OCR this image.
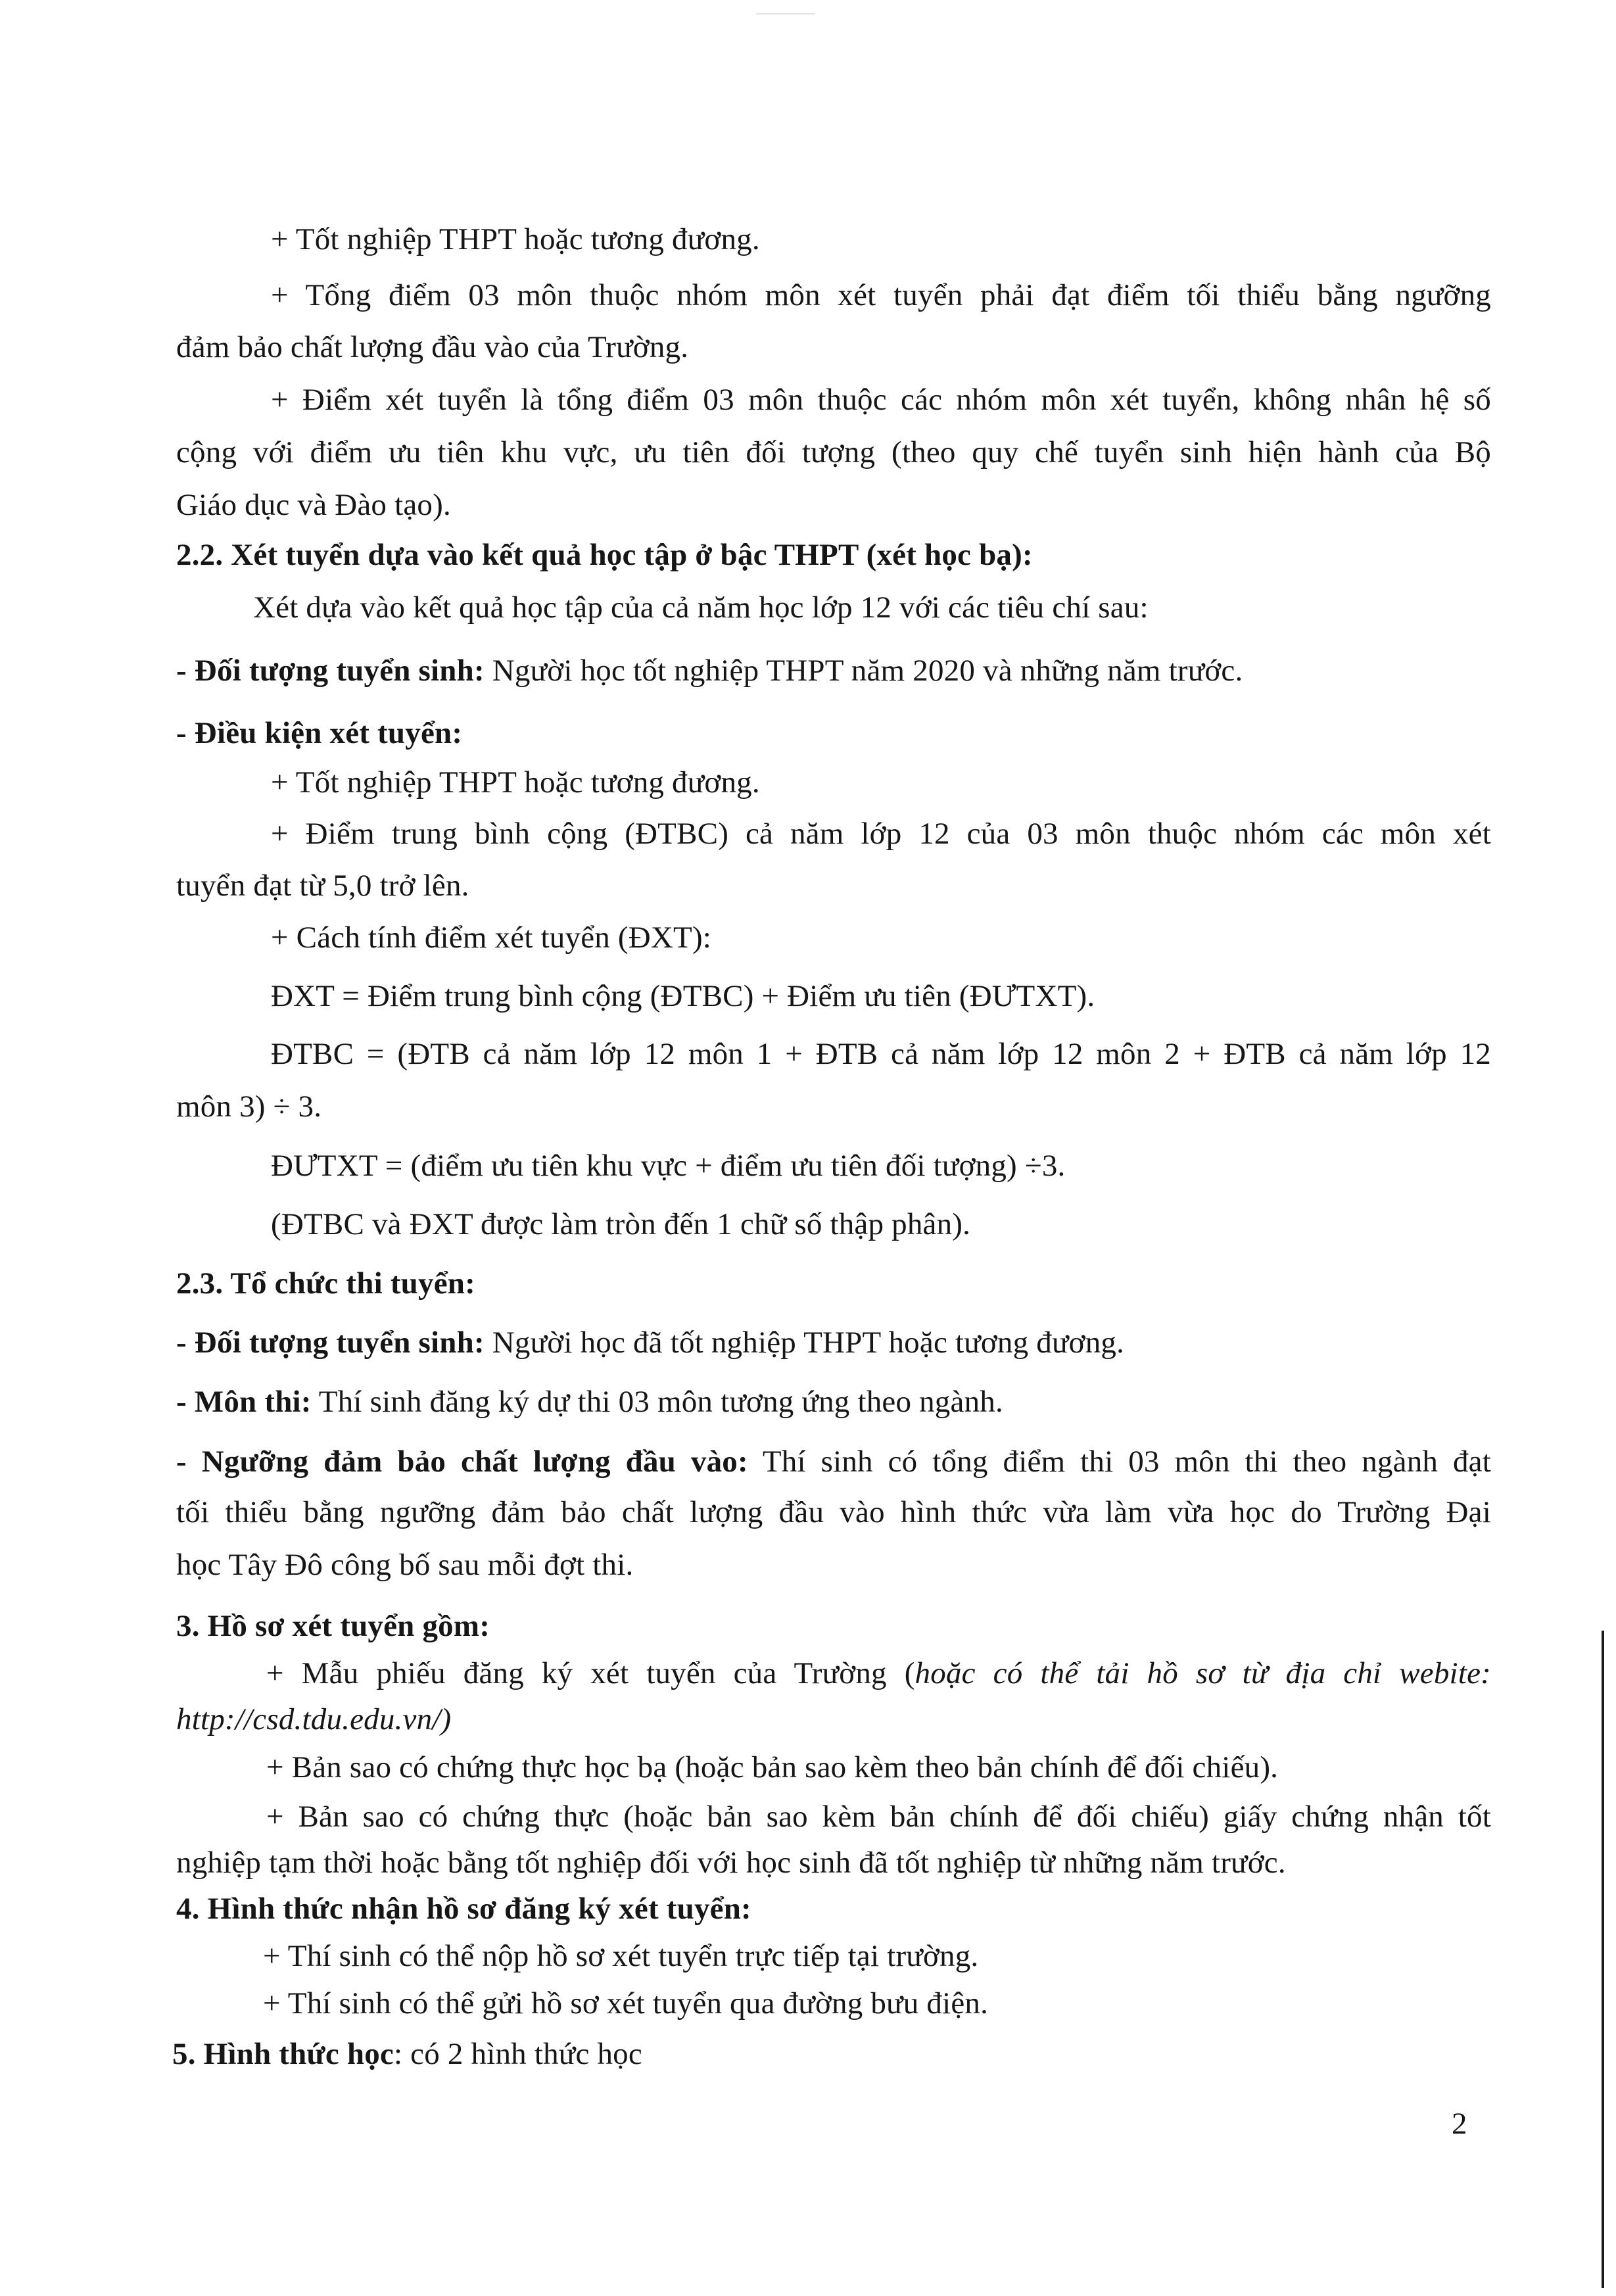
+ Tốt nghiệp THPT hoặc tương đương.
+ Tổng điểm 03 môn thuộc nhóm môn xét tuyển phải đạt điểm tối thiểu bằng ngưỡng
đảm bảo chất lượng đầu vào của Trường.
+ Điểm xét tuyển là tổng điểm 03 môn thuộc các nhóm môn xét tuyển, không nhân hệ số
cộng với điểm ưu tiên khu vực, ưu tiên đối tượng (theo quy chế tuyển sinh hiện hành của Bộ
Giáo dục và Đào tạo).
2.2. Xét tuyển dựa vào kết quả học tập ở bậc THPT (xét học bạ):
Xét dựa vào kết quả học tập của cả năm học lớp 12 với các tiêu chí sau:
- Đối tượng tuyển sinh: Người học tốt nghiệp THPT năm 2020 và những năm trước.
- Điều kiện xét tuyển:
+ Tốt nghiệp THPT hoặc tương đương.
+ Điểm trung bình cộng (ĐTBC) cả năm lớp 12 của 03 môn thuộc nhóm các môn xét
tuyển đạt từ 5,0 trở lên.
+ Cách tính điểm xét tuyển (ĐXT):
ĐXT = Điểm trung bình cộng (ĐTBC) + Điểm ưu tiên (ĐƯTXT).
ĐTBC = (ĐTB cả năm lớp 12 môn 1 + ĐTB cả năm lớp 12 môn 2 + ĐTB cả năm lớp 12
môn 3) ÷ 3.
ĐƯTXT = (điểm ưu tiên khu vực + điểm ưu tiên đối tượng) ÷3.
(ĐTBC và ĐXT được làm tròn đến 1 chữ số thập phân).
2.3. Tổ chức thi tuyển:
- Đối tượng tuyển sinh: Người học đã tốt nghiệp THPT hoặc tương đương.
- Môn thi: Thí sinh đăng ký dự thi 03 môn tương ứng theo ngành.
- Ngưỡng đảm bảo chất lượng đầu vào: Thí sinh có tổng điểm thi 03 môn thi theo ngành đạt
tối thiểu bằng ngưỡng đảm bảo chất lượng đầu vào hình thức vừa làm vừa học do Trường Đại
học Tây Đô công bố sau mỗi đợt thi.
3. Hồ sơ xét tuyển gồm:
+ Mẫu phiếu đăng ký xét tuyển của Trường (hoặc có thể tải hồ sơ từ địa chỉ webite:
http://csd.tdu.edu.vn/)
+ Bản sao có chứng thực học bạ (hoặc bản sao kèm theo bản chính để đối chiếu).
+ Bản sao có chứng thực (hoặc bản sao kèm bản chính để đối chiếu) giấy chứng nhận tốt
nghiệp tạm thời hoặc bằng tốt nghiệp đối với học sinh đã tốt nghiệp từ những năm trước.
4. Hình thức nhận hồ sơ đăng ký xét tuyển:
+ Thí sinh có thể nộp hồ sơ xét tuyển trực tiếp tại trường.
+ Thí sinh có thể gửi hồ sơ xét tuyển qua đường bưu điện.
5. Hình thức học: có 2 hình thức học
2
